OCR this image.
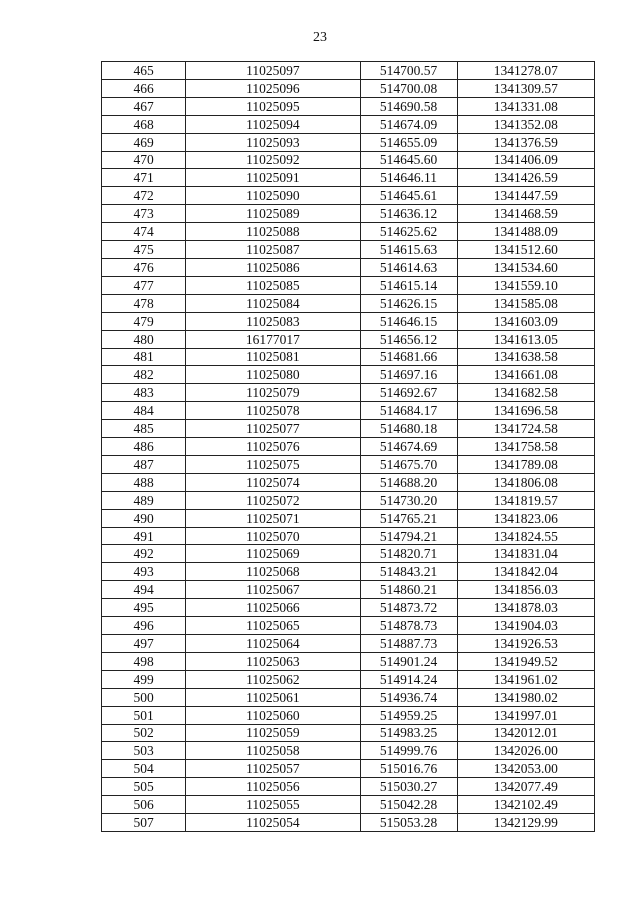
23
465	11025097	514700.57	1341278.07
466	11025096	514700.08	1341309.57
467	11025095	514690.58	1341331.08
468	11025094	514674.09	1341352.08
469	11025093	514655.09	1341376.59
470	11025092	514645.60	1341406.09
471	11025091	514646.11	1341426.59
472	11025090	514645.61	1341447.59
473	11025089	514636.12	1341468.59
474	11025088	514625.62	1341488.09
475	11025087	514615.63	1341512.60
476	11025086	514614.63	1341534.60
477	11025085	514615.14	1341559.10
478	11025084	514626.15	1341585.08
479	11025083	514646.15	1341603.09
480	16177017	514656.12	1341613.05
481	11025081	514681.66	1341638.58
482	11025080	514697.16	1341661.08
483	11025079	514692.67	1341682.58
484	11025078	514684.17	1341696.58
485	11025077	514680.18	1341724.58
486	11025076	514674.69	1341758.58
487	11025075	514675.70	1341789.08
488	11025074	514688.20	1341806.08
489	11025072	514730.20	1341819.57
490	11025071	514765.21	1341823.06
491	11025070	514794.21	1341824.55
492	11025069	514820.71	1341831.04
493	11025068	514843.21	1341842.04
494	11025067	514860.21	1341856.03
495	11025066	514873.72	1341878.03
496	11025065	514878.73	1341904.03
497	11025064	514887.73	1341926.53
498	11025063	514901.24	1341949.52
499	11025062	514914.24	1341961.02
500	11025061	514936.74	1341980.02
501	11025060	514959.25	1341997.01
502	11025059	514983.25	1342012.01
503	11025058	514999.76	1342026.00
504	11025057	515016.76	1342053.00
505	11025056	515030.27	1342077.49
506	11025055	515042.28	1342102.49
507	11025054	515053.28	1342129.99
